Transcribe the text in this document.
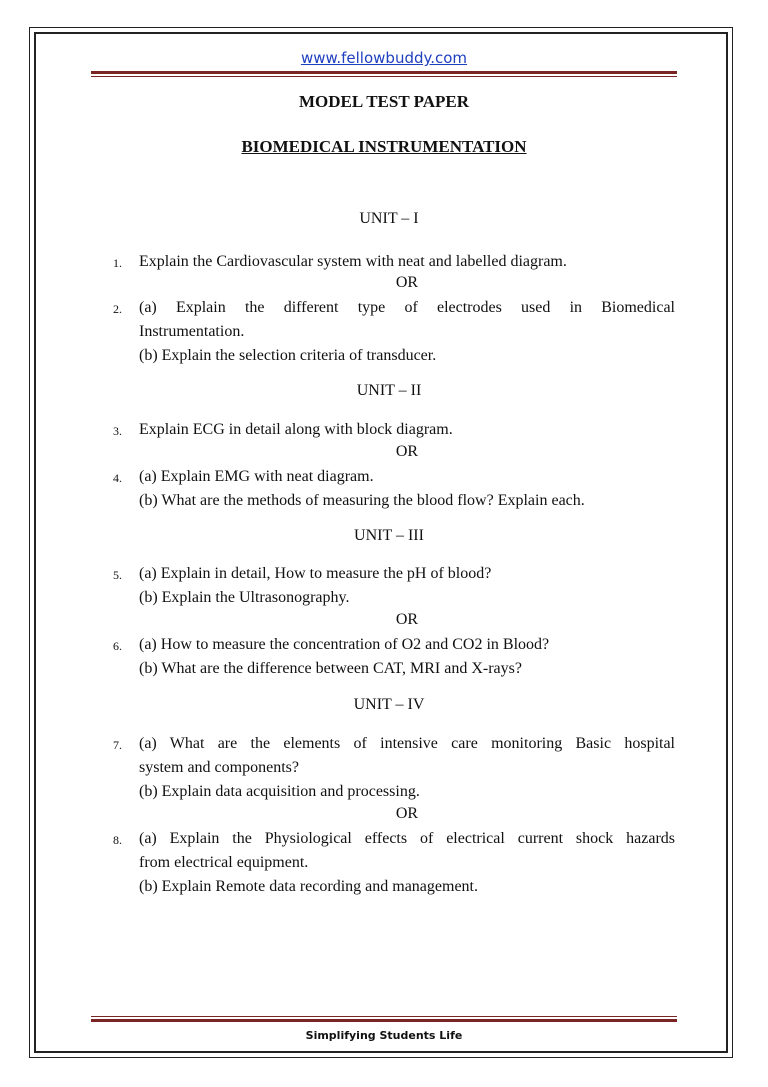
www.fellowbuddy.com
MODEL TEST PAPER
BIOMEDICAL INSTRUMENTATION
UNIT – I
1.	Explain the Cardiovascular system with neat and labelled diagram.
OR
2.	(a) Explain the different type of electrodes used in Biomedical
Instrumentation.
(b) Explain the selection criteria of transducer.
UNIT – II
3.	Explain ECG in detail along with block diagram.
OR
4.	(a) Explain EMG with neat diagram.
(b) What are the methods of measuring the blood flow? Explain each.
UNIT – III
5.	(a) Explain in detail, How to measure the pH of blood?
(b) Explain the Ultrasonography.
OR
6.	(a) How to measure the concentration of O2 and CO2 in Blood?
(b) What are the difference between CAT, MRI and X-rays?
UNIT – IV
7.	(a) What are the elements of intensive care monitoring Basic hospital
system and components?
(b) Explain data acquisition and processing.
OR
8.	(a) Explain the Physiological effects of electrical current shock hazards
from electrical equipment.
(b) Explain Remote data recording and management.
Simplifying Students Life
